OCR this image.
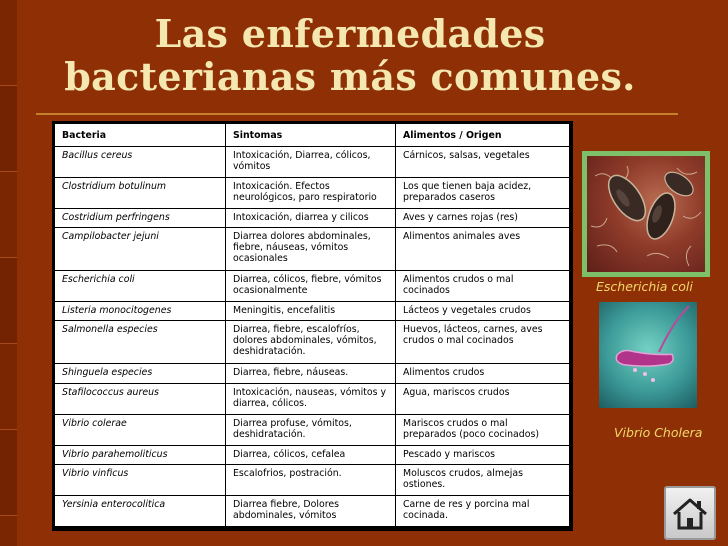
Las enfermedades bacterianas más comunes.
Bacteria	Sintomas	Alimentos / Origen
Bacillus cereus	Intoxicación, Diarrea, cólicos, vómitos	Cárnicos, salsas, vegetales
Clostridium botulinum	Intoxicación. Efectos neurológicos, paro respiratorio	Los que tienen baja acidez, preparados caseros
Costridium perfringens	Intoxicación, diarrea y cilicos	Aves y carnes rojas (res)
Campilobacter jejuni	Diarrea dolores abdominales, fiebre, náuseas, vómitos ocasionales	Alimentos animales aves
Escherichia coli	Diarrea, cólicos, fiebre, vómitos ocasionalmente	Alimentos crudos o mal cocinados
Listeria monocitogenes	Meningitis, encefalitis	Lácteos y vegetales crudos
Salmonella especies	Diarrea, fiebre, escalofríos, dolores abdominales, vómitos, deshidratación.	Huevos, lácteos, carnes, aves crudos o mal cocinados
Shinguela especies	Diarrea, fiebre, náuseas.	Alimentos crudos
Stafilococcus aureus	Intoxicación, nauseas, vómitos y diarrea, cólicos.	Agua, mariscos crudos
Vibrio colerae	Diarrea profuse, vómitos, deshidratación.	Mariscos crudos o mal preparados (poco cocinados)
Vibrio parahemoliticus	Diarrea, cólicos, cefalea	Pescado y mariscos
Vibrio vinficus	Escalofrios, postración.	Moluscos crudos, almejas ostiones.
Yersinia enterocolitica	Diarrea fiebre, Dolores abdominales, vómitos	Carne de res y porcina mal cocinada.
Escherichia coli
Vibrio Cholera
